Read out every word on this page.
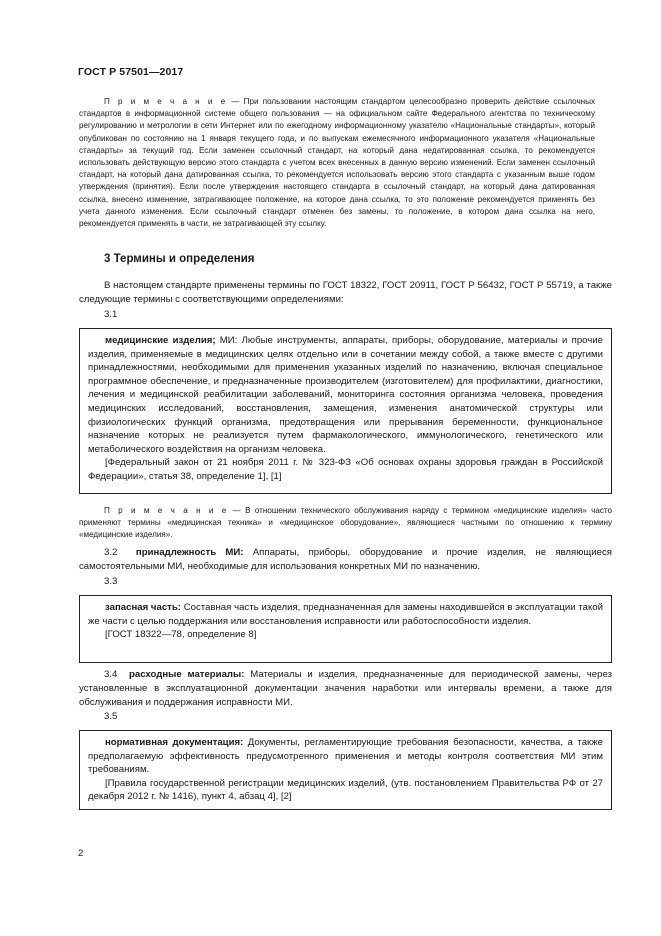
ГОСТ Р 57501—2017

П р и м е ч а н и е — При пользовании настоящим стандартом целесообразно проверить действие ссылочных стандартов в информационной системе общего пользования — на официальном сайте Федерального агентства по техническому регулированию и метрологии в сети Интернет или по ежегодному информационному указателю «Национальные стандарты», который опубликован по состоянию на 1 января текущего года, и по выпускам ежемесячного информационного указателя «Национальные стандарты» за текущий год. Если заменен ссылочный стандарт, на который дана недатированная ссылка, то рекомендуется использовать действующую версию этого стандарта с учетом всех внесенных в данную версию изменений. Если заменен ссылочный стандарт, на который дана датированная ссылка, то рекомендуется использовать версию этого стандарта с указанным выше годом утверждения (принятия). Если после утверждения настоящего стандарта в ссылочный стандарт, на который дана датированная ссылка, внесено изменение, затрагивающее положение, на которое дана ссылка, то это положение рекомендуется применять без учета данного изменения. Если ссылочный стандарт отменен без замены, то положение, в котором дана ссылка на него, рекомендуется применять в части, не затрагивающей эту ссылку.

3 Термины и определения

В настоящем стандарте применены термины по ГОСТ 18322, ГОСТ 20911, ГОСТ Р 56432, ГОСТ Р 55719, а также следующие термины с соответствующими определениями:

3.1

медицинские изделия; МИ: Любые инструменты, аппараты, приборы, оборудование, материалы и прочие изделия, применяемые в медицинских целях отдельно или в сочетании между собой, а также вместе с другими принадлежностями, необходимыми для применения указанных изделий по назначению, включая специальное программное обеспечение, и предназначенные производителем (изготовителем) для профилактики, диагностики, лечения и медицинской реабилитации заболеваний, мониторинга состояния организма человека, проведения медицинских исследований, восстановления, замещения, изменения анатомической структуры или физиологических функций организма, предотвращения или прерывания беременности, функциональное назначение которых не реализуется путем фармакологического, иммунологического, генетического или метаболического воздействия на организм человека.

[Федеральный закон от 21 ноября 2011 г. № 323-ФЗ «Об основах охраны здоровья граждан в Российской Федерации», статья 38, определение 1], [1]

П р и м е ч а н и е — В отношении технического обслуживания наряду с термином «медицинские изделия» часто применяют термины «медицинская техника» и «медицинское оборудование», являющиеся частными по отношению к термину «медицинские изделия».

3.2 принадлежность МИ: Аппараты, приборы, оборудование и прочие изделия, не являющиеся самостоятельными МИ, необходимые для использования конкретных МИ по назначению.

3.3

запасная часть: Составная часть изделия, предназначенная для замены находившейся в эксплуатации такой же части с целью поддержания или восстановления исправности или работоспособности изделия.

[ГОСТ 18322—78, определение 8]

3.4 расходные материалы: Материалы и изделия, предназначенные для периодической замены, через установленные в эксплуатационной документации значения наработки или интервалы времени, а также для обслуживания и поддержания исправности МИ.

3.5

нормативная документация: Документы, регламентирующие требования безопасности, качества, а также предполагаемую эффективность предусмотренного применения и методы контроля соответствия МИ этим требованиям.

[Правила государственной регистрации медицинских изделий, (утв. постановлением Правительства РФ от 27 декабря 2012 г. № 1416), пункт 4, абзац 4], [2]

2
